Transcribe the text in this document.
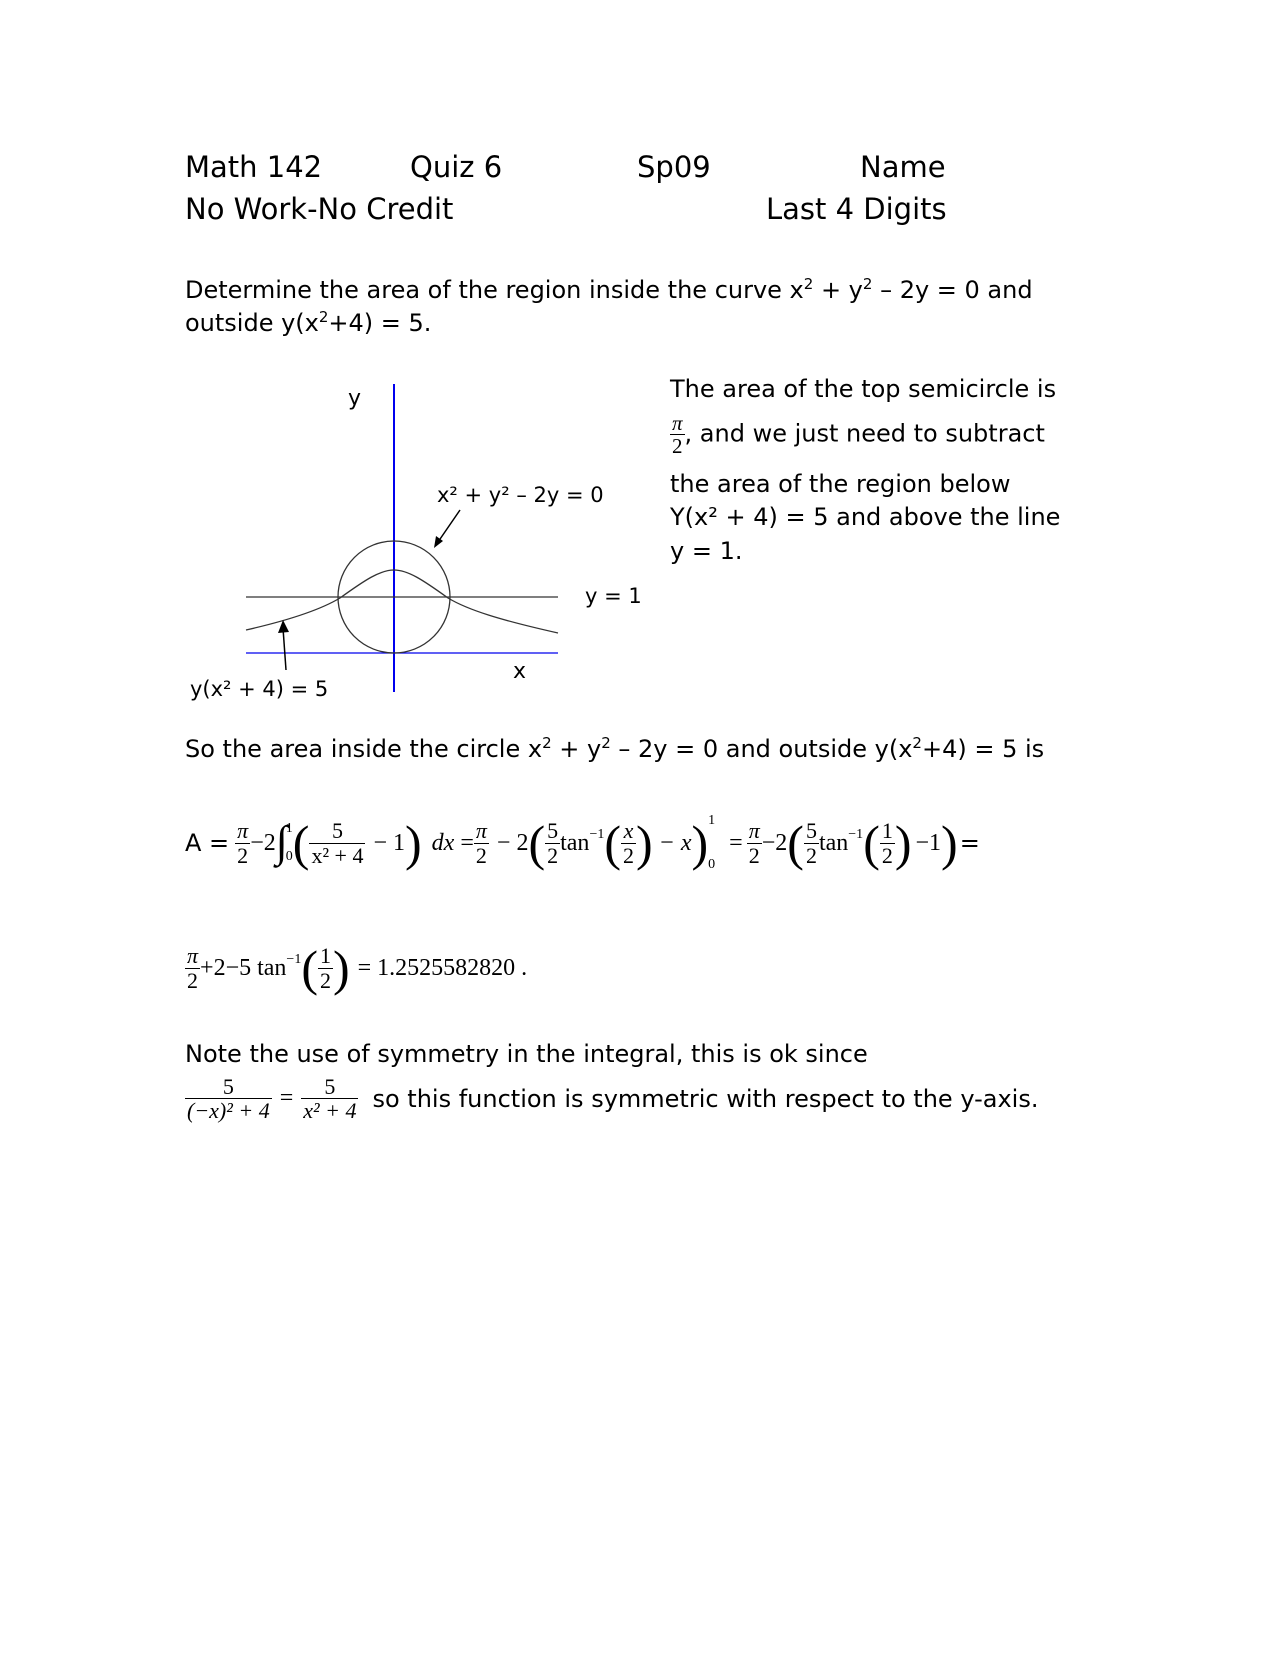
Math 142	Quiz 6	Sp09	Name
No Work-No Credit	Last 4 Digits
Determine the area of the region inside the curve $x^2 + y^2 - 2y = 0$ and
outside $y(x^2+4) = 5$.
y
x² + y² – 2y = 0
y = 1
x
y(x² + 4) = 5
The area of the top semicircle is
$\frac{\pi}{2}$ , and we just need to subtract
the area of the region below
Y(x² + 4) = 5 and above the line
y = 1.
So the area inside the circle $x^2 + y^2 - 2y = 0$ and outside $y(x^2+4) = 5$ is
$A = \frac{\pi}{2} -2$ ∫
1
0 ( $\frac{5}{\text{x² + 4}} - 1$ ) dx = $\frac{\pi}{2} - 2$ ( $\frac{5}{2} \tan^{-1}$ ( $\frac{x}{2}$ ) − x ) 1
0
= $\frac{\pi}{2} -2$ ( $\frac{5}{2} \tan^{-1}$ ( $\frac{1}{2}$ ) −1 ) =
$\frac{\pi}{2} +2-5$ $\tan^{-1}$ ( $\frac{1}{2}$ ) = 1.2525582820 .
Note the use of symmetry in the integral, this is ok since
$\frac{5}{\text{(−x)² + 4}} = \frac{5}{\text{x² + 4}}$ so this function is symmetric with respect to the y-axis.
